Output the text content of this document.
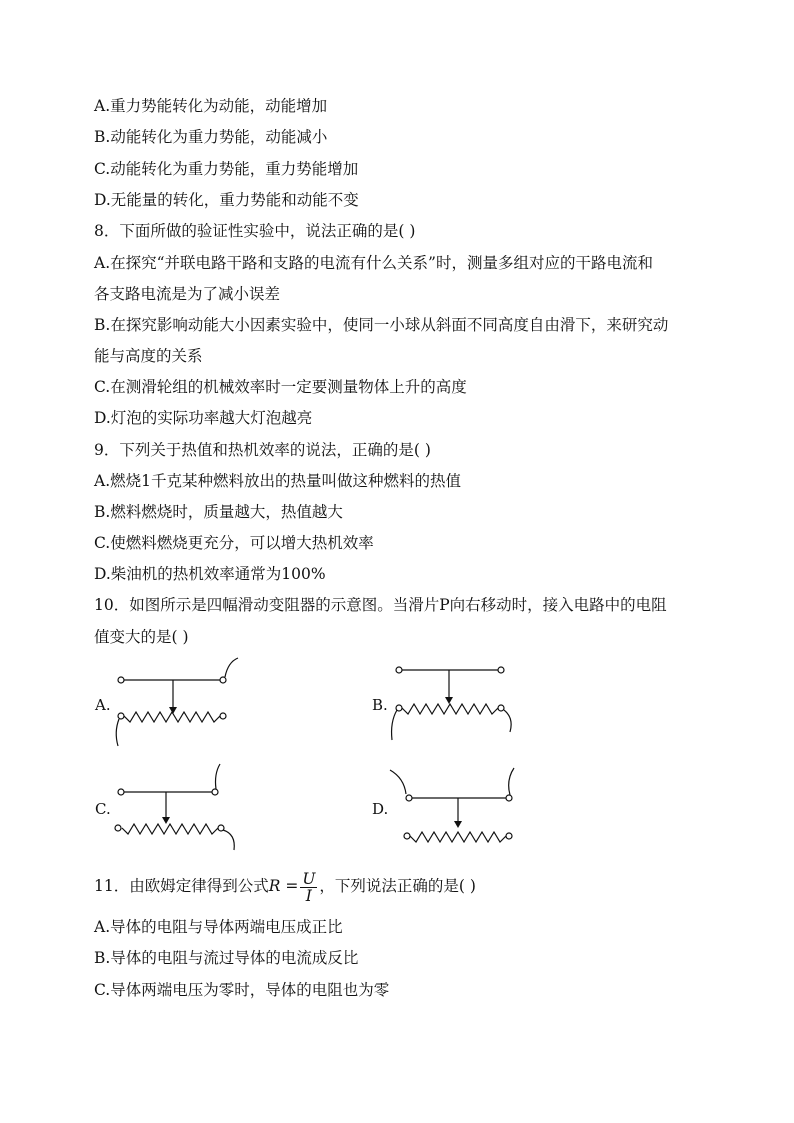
A.重力势能转化为动能，动能增加
B.动能转化为重力势能，动能减小
C.动能转化为重力势能，重力势能增加
D.无能量的转化，重力势能和动能不变
8．下面所做的验证性实验中，说法正确的是( )
A.在探究“并联电路干路和支路的电流有什么关系”时，测量多组对应的干路电流和
各支路电流是为了减小误差
B.在探究影响动能大小因素实验中，使同一小球从斜面不同高度自由滑下，来研究动
能与高度的关系
C.在测滑轮组的机械效率时一定要测量物体上升的高度
D.灯泡的实际功率越大灯泡越亮
9．下列关于热值和热机效率的说法，正确的是( )
A.燃烧1千克某种燃料放出的热量叫做这种燃料的热值
B.燃料燃烧时，质量越大，热值越大
C.使燃料燃烧更充分，可以增大热机效率
D.柴油机的热机效率通常为100%
10．如图所示是四幅滑动变阻器的示意图。当滑片P向右移动时，接入电路中的电阻
值变大的是( )
A.	B.
C.	D.
11．由欧姆定律得到公式$R = \frac{U}{I}$ ，下列说法正确的是( )
A.导体的电阻与导体两端电压成正比
B.导体的电阻与流过导体的电流成反比
C.导体两端电压为零时，导体的电阻也为零
